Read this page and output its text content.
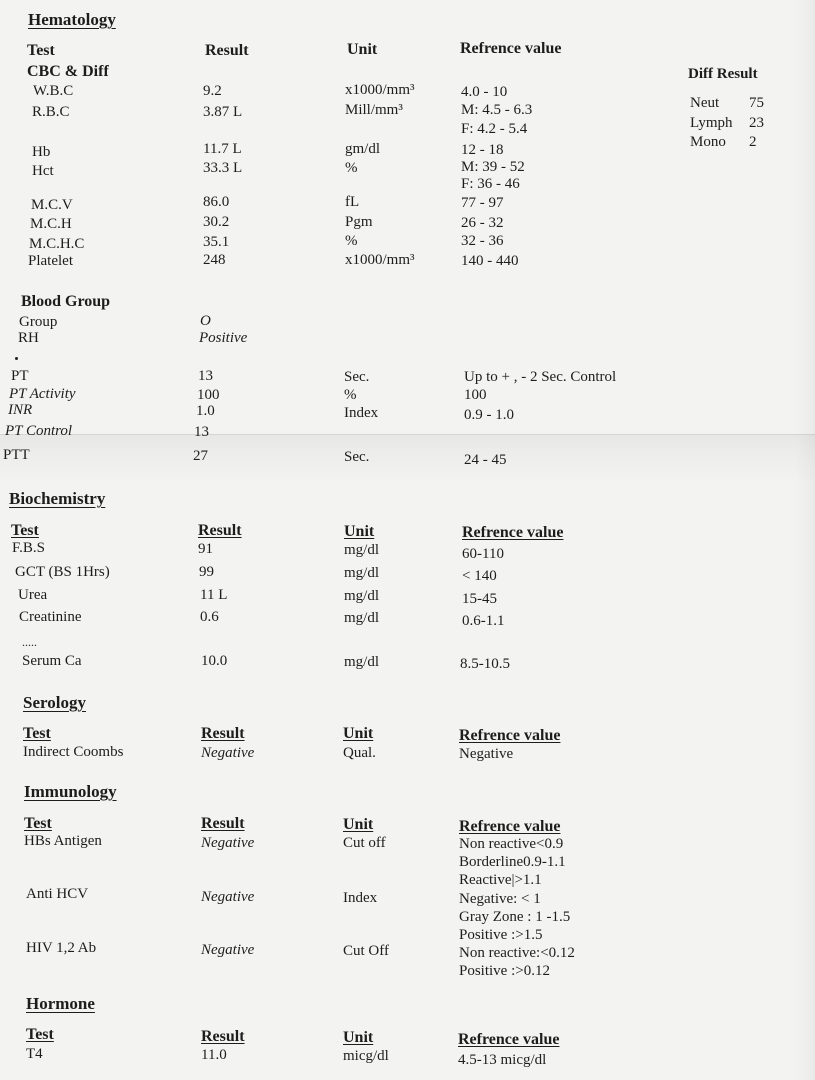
Hematology
Test	Result	Unit	Refrence value
CBC & Diff
W.B.C	9.2	x1000/mm³	4.0 - 10
R.B.C	3.87 L	Mill/mm³	M: 4.5 - 6.3
F: 4.2 - 5.4
Hb	11.7 L	gm/dl	12 - 18
Hct	33.3 L	%	M: 39 - 52
F: 36 - 46
M.C.V	86.0	fL	77 - 97
M.C.H	30.2	Pgm	26 - 32
M.C.H.C	35.1	%	32 - 36
Platelet	248	x1000/mm³	140 - 440
Diff Result
Neut 75
Lymph 23
Mono 2
Blood Group
Group	O
RH	Positive
PT	13	Sec.	Up to + , - 2 Sec. Control
PT Activity	100	%	100
INR	1.0	Index	0.9 - 1.0
PT Control	13
PTT	27	Sec.	24 - 45
Biochemistry
Test	Result	Unit	Refrence value
F.B.S	91	mg/dl	60-110
GCT (BS 1Hrs)	99	mg/dl	< 140
Urea	11 L	mg/dl	15-45
Creatinine	0.6	mg/dl	0.6-1.1
.....
Serum Ca	10.0	mg/dl	8.5-10.5
Serology
Test	Result	Unit	Refrence value
Indirect Coombs	Negative	Qual.	Negative
Immunology
Test	Result	Unit	Refrence value
HBs Antigen	Negative	Cut off	Non reactive<0.9
Borderline0.9-1.1
Reactive|>1.1
Anti HCV	Negative	Index	Negative: < 1
Gray Zone : 1 -1.5
Positive :>1.5
HIV 1,2 Ab	Negative	Cut Off	Non reactive:<0.12
Positive :>0.12
Hormone
Test	Result	Unit	Refrence value
T4	11.0	micg/dl	4.5-13 micg/dl
